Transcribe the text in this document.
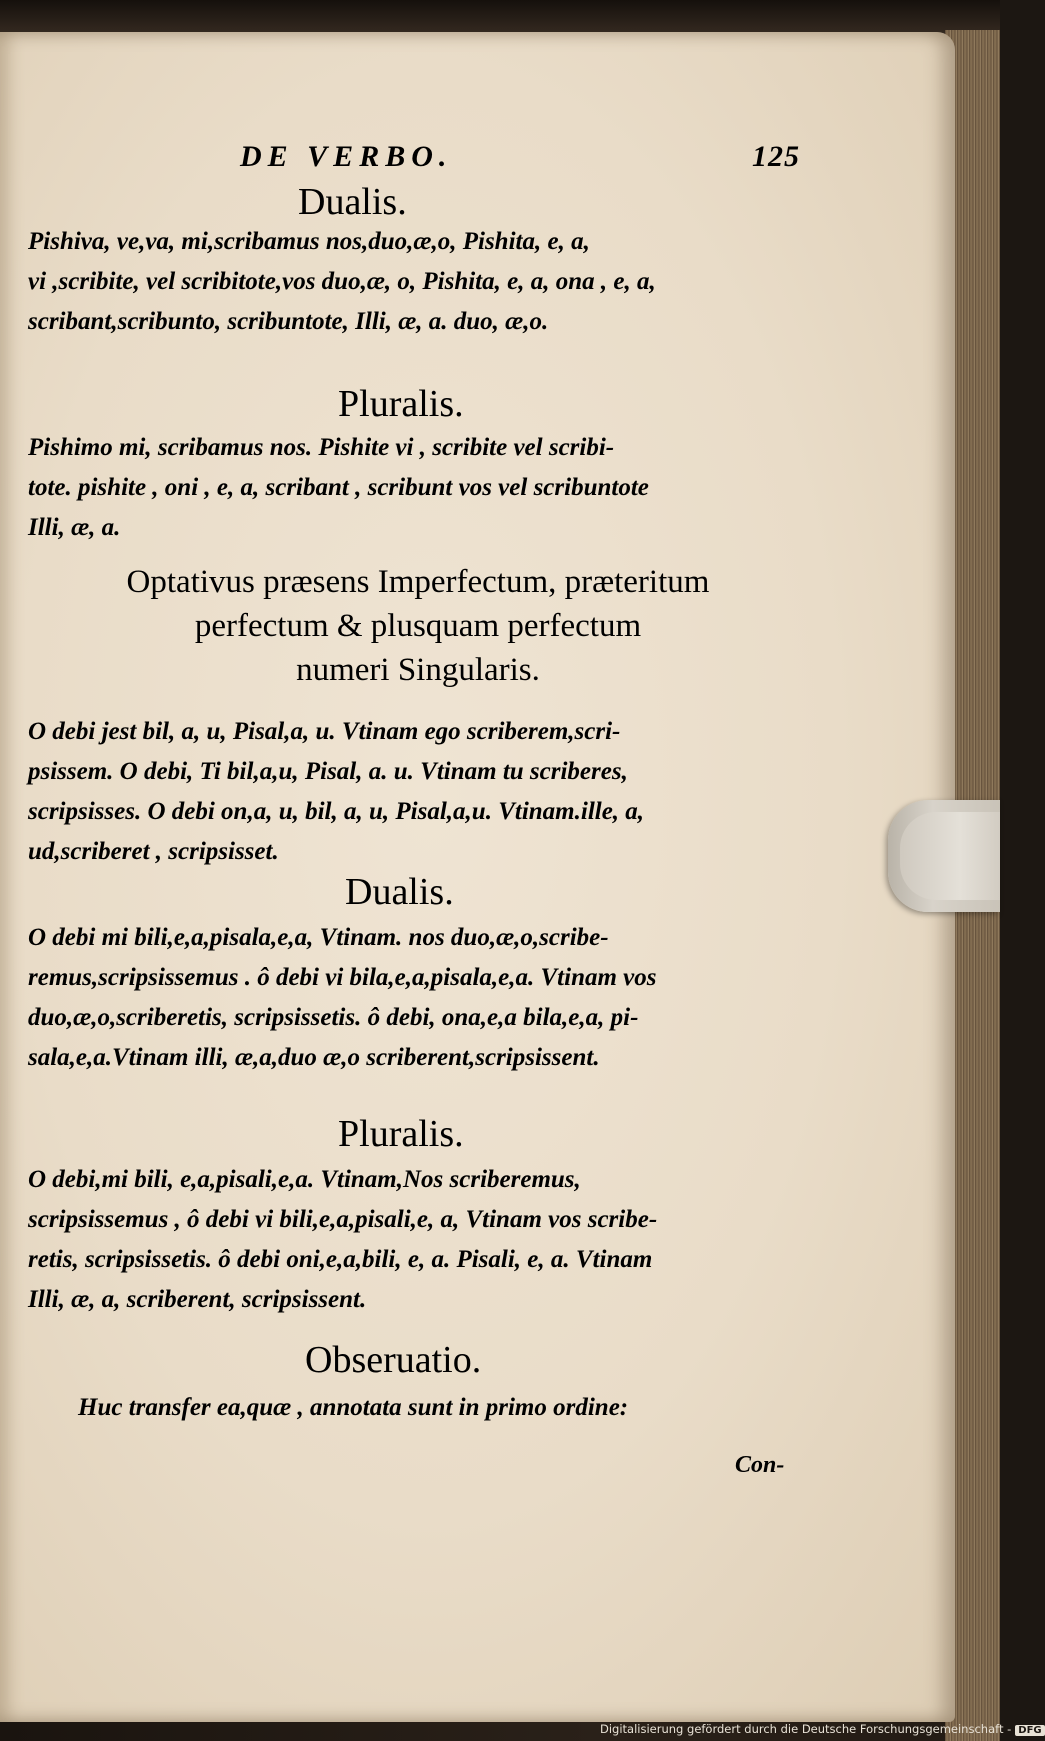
DE VERBO.	125
Dualis.
Pishiva, ve,va, mi,scribamus nos,duo,æ,o, Pishita, e, a,
vi ,scribite, vel scribitote,vos duo,æ, o, Pishita, e, a, ona , e, a,
scribant,scribunto, scribuntote, Illi, æ, a. duo, æ,o.
Pluralis.
Pishimo mi, scribamus nos. Pishite vi , scribite vel scribi-
tote. pishite , oni , e, a, scribant , scribunt vos vel scribuntote
Illi, æ, a.
Optativus præsens Imperfectum, præteritum
perfectum & plusquam perfectum
numeri Singularis.
O debi jest bil, a, u, Pisal,a, u. Vtinam ego scriberem,scri-
psissem. O debi, Ti bil,a,u, Pisal, a. u. Vtinam tu scriberes,
scripsisses. O debi on,a, u, bil, a, u, Pisal,a,u. Vtinam.ille, a,
ud,scriberet , scripsisset.
Dualis.
O debi mi bili,e,a,pisala,e,a, Vtinam. nos duo,æ,o,scribe-
remus,scripsissemus . ô debi vi bila,e,a,pisala,e,a. Vtinam vos
duo,æ,o,scriberetis, scripsissetis. ô debi, ona,e,a bila,e,a, pi-
sala,e,a.Vtinam illi, æ,a,duo æ,o scriberent,scripsissent.
Pluralis.
O debi,mi bili, e,a,pisali,e,a. Vtinam,Nos scriberemus,
scripsissemus , ô debi vi bili,e,a,pisali,e, a, Vtinam vos scribe-
retis, scripsissetis. ô debi oni,e,a,bili, e, a. Pisali, e, a. Vtinam
Illi, æ, a, scriberent, scripsissent.
Obseruatio.
Huc transfer ea,quæ , annotata sunt in primo ordine:
Con-
Digitalisierung gefördert durch die Deutsche Forschungsgemeinschaft - DFG
